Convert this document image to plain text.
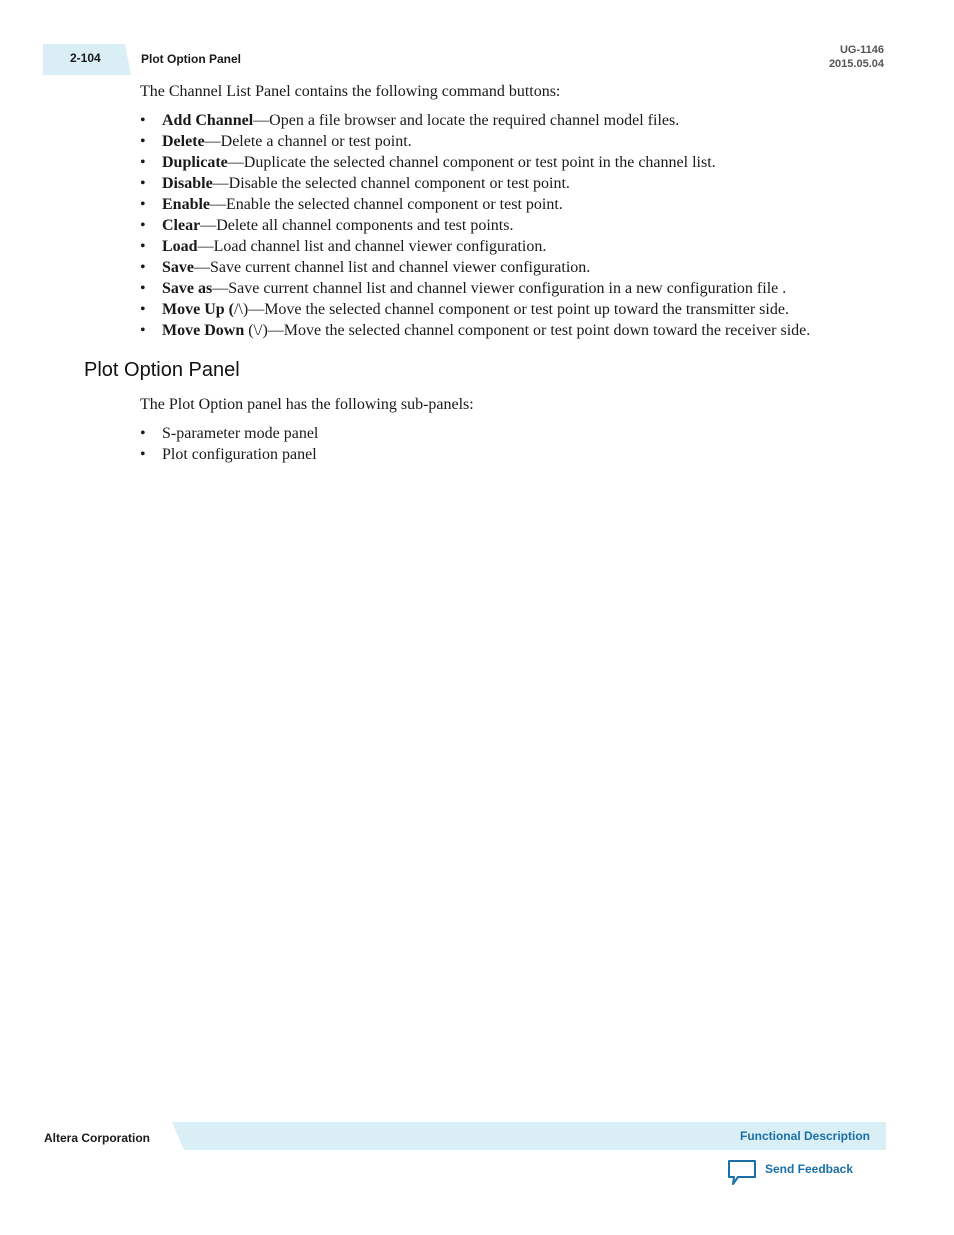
2-104	Plot Option Panel
UG-1146
2015.05.04

The Channel List Panel contains the following command buttons:

• Add Channel—Open a file browser and locate the required channel model files.
• Delete—Delete a channel or test point.
• Duplicate—Duplicate the selected channel component or test point in the channel list.
• Disable—Disable the selected channel component or test point.
• Enable—Enable the selected channel component or test point.
• Clear—Delete all channel components and test points.
• Load—Load channel list and channel viewer configuration.
• Save—Save current channel list and channel viewer configuration.
• Save as—Save current channel list and channel viewer configuration in a new configuration file .
• Move Up (/\)—Move the selected channel component or test point up toward the transmitter side.
• Move Down (\/)—Move the selected channel component or test point down toward the receiver side.
Plot Option Panel

The Plot Option panel has the following sub-panels:

• S-parameter mode panel
• Plot configuration panel
Altera Corporation	Functional Description
Send Feedback
